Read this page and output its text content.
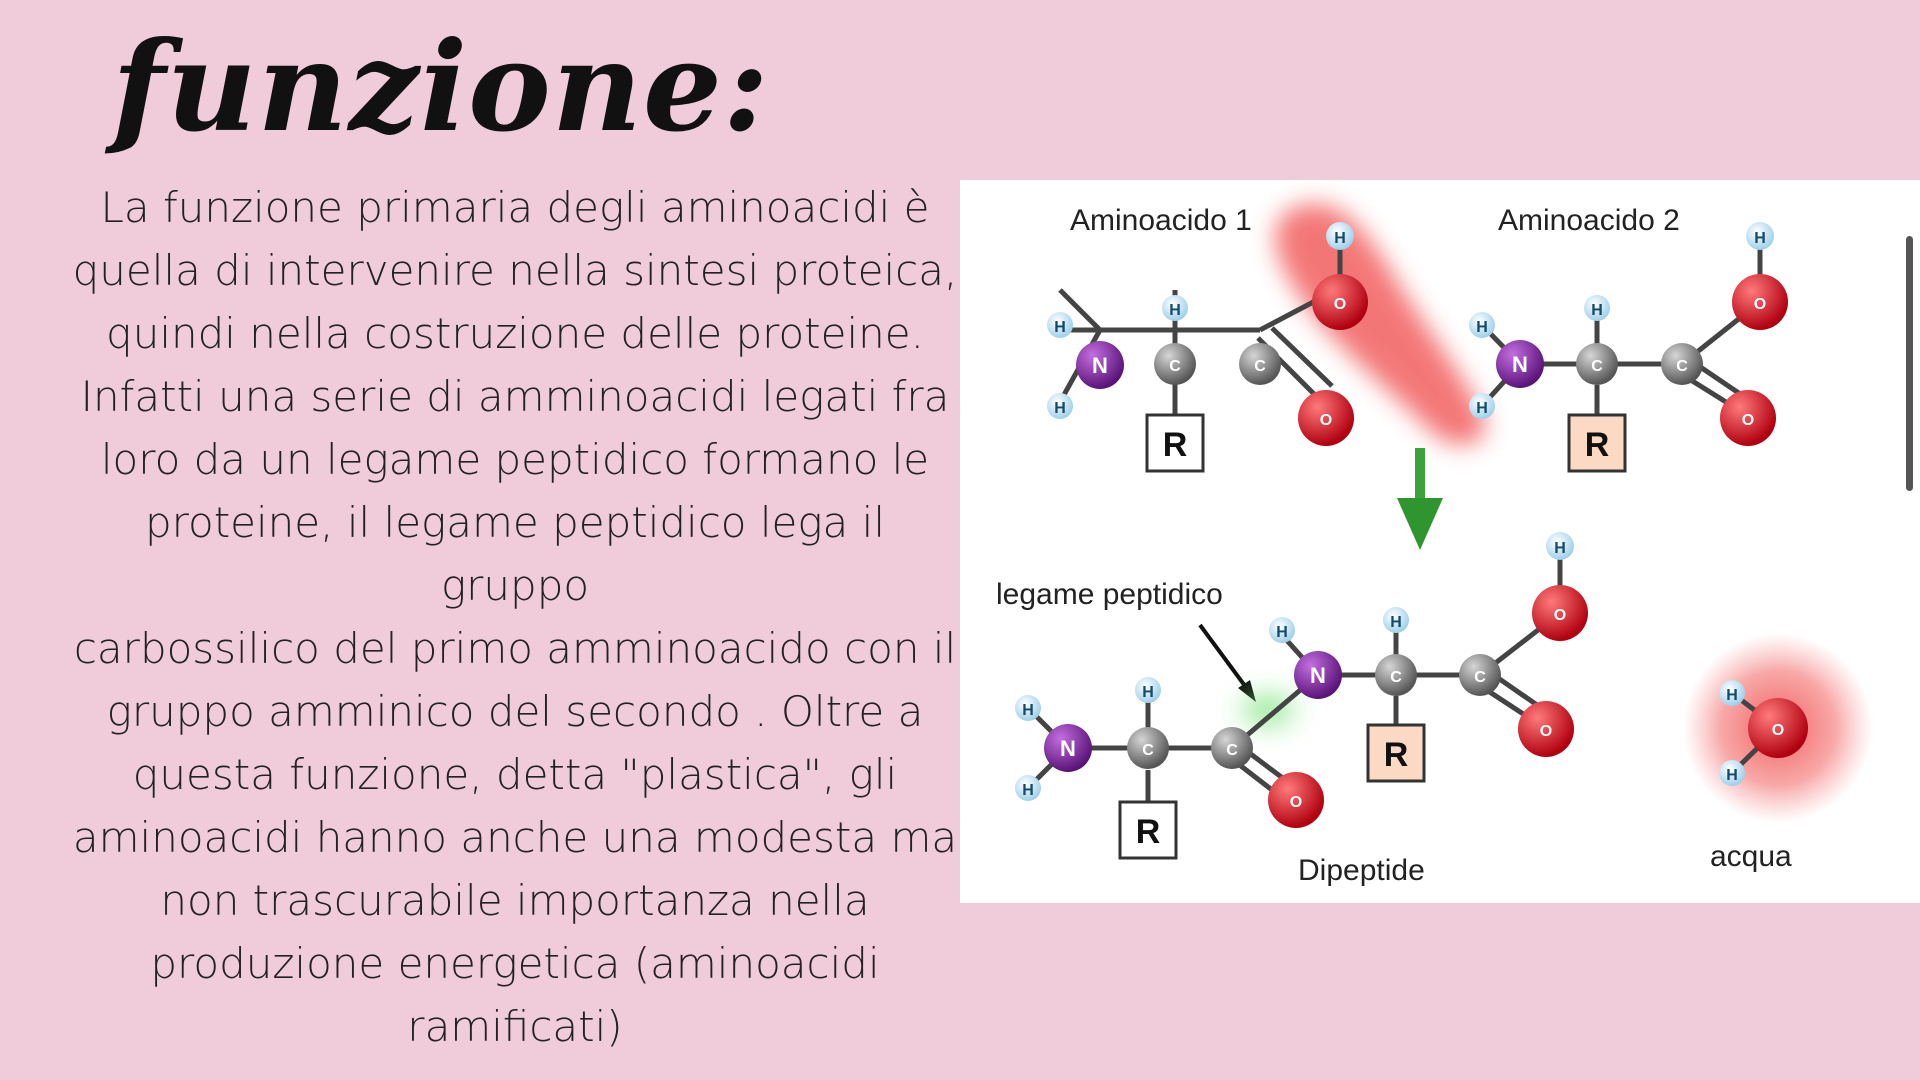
funzione:
La funzione primaria degli aminoacidi è
quella di intervenire nella sintesi proteica,
quindi nella costruzione delle proteine.
Infatti una serie di amminoacidi legati fra
loro da un legame peptidico formano le
proteine, il legame peptidico lega il gruppo
carbossilico del primo amminoacido con il
gruppo amminico del secondo . Oltre a
questa funzione, detta "plastica", gli
aminoacidi hanno anche una modesta ma
non trascurabile importanza nella
produzione energetica (aminoacidi
ramificati)
Aminoacido 1
H
H
N	C
H
C
O
H
O
R
Aminoacido 2
H
H
N	C
H
C
O
H
O
R
legame peptidico
H
H
N	C
H
C
O
H
N	C
H
C
O
H
O
R
R
Dipeptide
H
H
O
acqua
